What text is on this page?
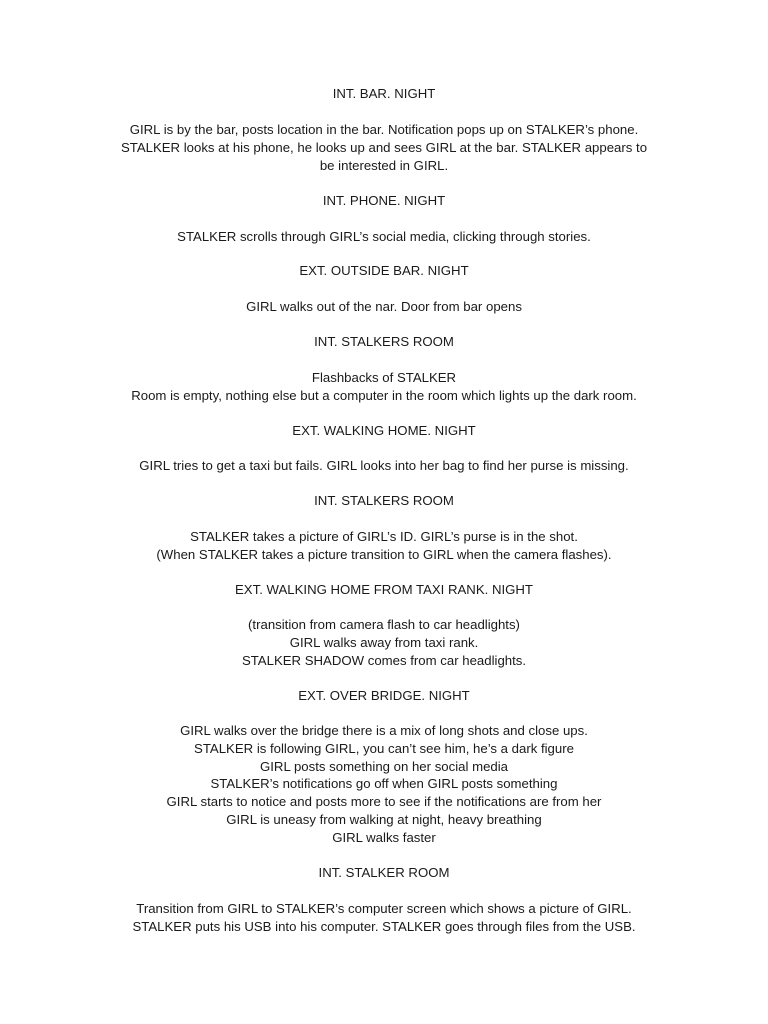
INT. BAR. NIGHT
GIRL is by the bar, posts location in the bar. Notification pops up on STALKER’s phone.
STALKER looks at his phone, he looks up and sees GIRL at the bar. STALKER appears to
be interested in GIRL.
INT. PHONE. NIGHT
STALKER scrolls through GIRL’s social media, clicking through stories.
EXT. OUTSIDE BAR. NIGHT
GIRL walks out of the nar. Door from bar opens
INT. STALKERS ROOM
Flashbacks of STALKER
Room is empty, nothing else but a computer in the room which lights up the dark room.
EXT. WALKING HOME. NIGHT
GIRL tries to get a taxi but fails. GIRL looks into her bag to find her purse is missing.
INT. STALKERS ROOM
STALKER takes a picture of GIRL’s ID. GIRL’s purse is in the shot.
(When STALKER takes a picture transition to GIRL when the camera flashes).
EXT. WALKING HOME FROM TAXI RANK. NIGHT
(transition from camera flash to car headlights)
GIRL walks away from taxi rank.
STALKER SHADOW comes from car headlights.
EXT. OVER BRIDGE. NIGHT
GIRL walks over the bridge there is a mix of long shots and close ups.
STALKER is following GIRL, you can’t see him, he’s a dark figure
GIRL posts something on her social media
STALKER’s notifications go off when GIRL posts something
GIRL starts to notice and posts more to see if the notifications are from her
GIRL is uneasy from walking at night, heavy breathing
GIRL walks faster
INT. STALKER ROOM
Transition from GIRL to STALKER’s computer screen which shows a picture of GIRL.
STALKER puts his USB into his computer. STALKER goes through files from the USB.
